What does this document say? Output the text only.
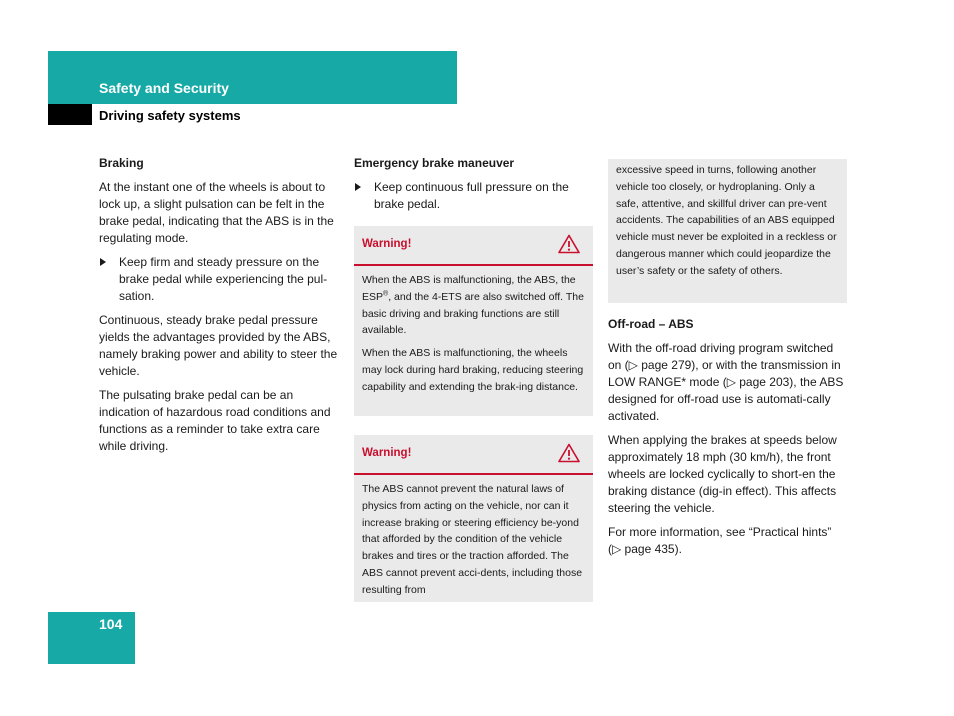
Safety and Security
Driving safety systems
Braking

At the instant one of the wheels is about to lock up, a slight pulsation can be felt in the brake pedal, indicating that the ABS is in the regulating mode.

Keep firm and steady pressure on the brake pedal while experiencing the pul-sation.

Continuous, steady brake pedal pressure yields the advantages provided by the ABS, namely braking power and ability to steer the vehicle.

The pulsating brake pedal can be an indication of hazardous road conditions and functions as a reminder to take extra care while driving.

Emergency brake maneuver
Keep continuous full pressure on the brake pedal.
Warning!

When the ABS is malfunctioning, the ABS, the ESP®, and the 4-ETS are also switched off. The basic driving and braking functions are still available.

When the ABS is malfunctioning, the wheels may lock during hard braking, reducing steering capability and extending the brak-ing distance.

Warning!

The ABS cannot prevent the natural laws of physics from acting on the vehicle, nor can it increase braking or steering efficiency be-yond that afforded by the condition of the vehicle brakes and tires or the traction afforded. The ABS cannot prevent acci-dents, including those resulting from

excessive speed in turns, following another vehicle too closely, or hydroplaning. Only a safe, attentive, and skillful driver can pre-vent accidents. The capabilities of an ABS equipped vehicle must never be exploited in a reckless or dangerous manner which could jeopardize the user’s safety or the safety of others.

Off-road – ABS

With the off-road driving program switched on (▷ page 279), or with the transmission in LOW RANGE* mode (▷ page 203), the ABS designed for off-road use is automati-cally activated.

When applying the brakes at speeds below approximately 18 mph (30 km/h), the front wheels are locked cyclically to short-en the braking distance (dig-in effect). This affects steering the vehicle.

For more information, see “Practical hints” (▷ page 435).

104
